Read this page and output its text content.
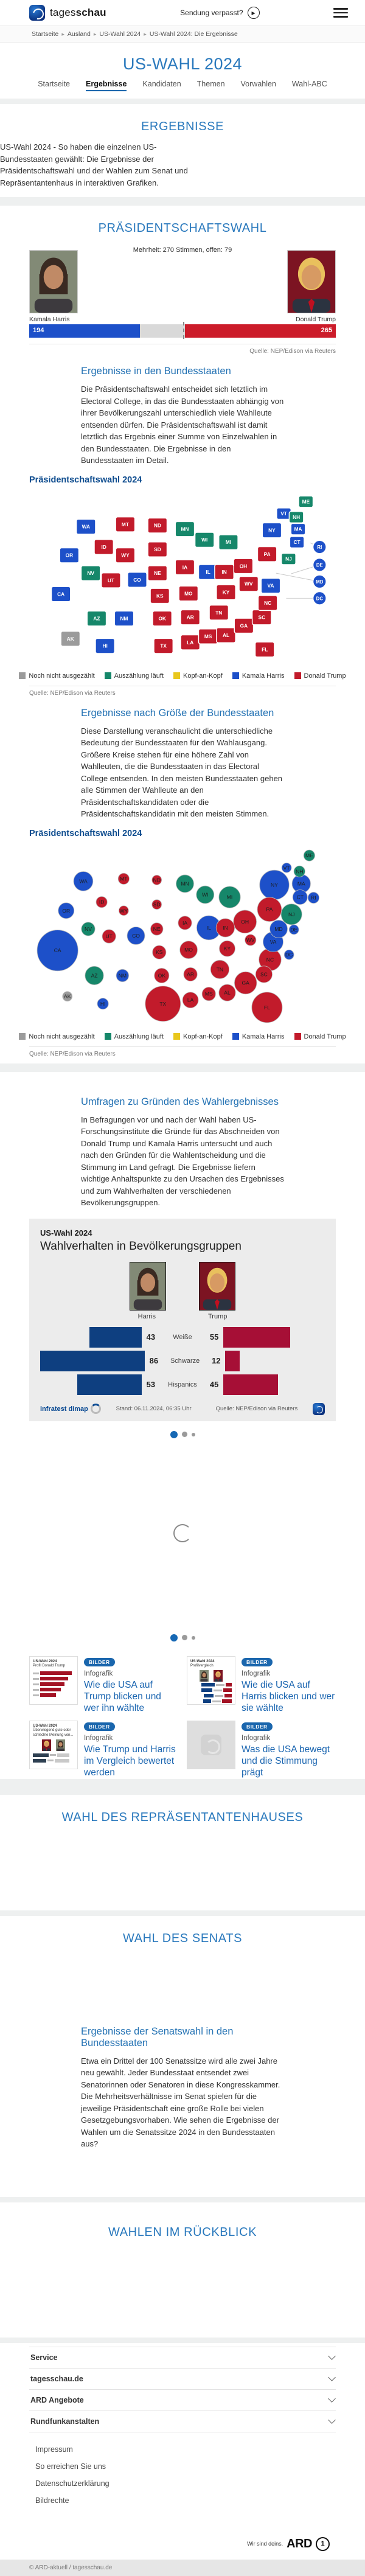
tagesschau	Sendung verpasst? ▶
Startseite ▸ Ausland ▸ US-Wahl 2024 ▸ US-Wahl 2024: Die Ergebnisse
US-WAHL 2024
Startseite Ergebnisse Kandidaten Themen Vorwahlen Wahl-ABC
ERGEBNISSE

US-Wahl 2024 - So haben die einzelnen US-Bundesstaaten gewählt: Die Ergebnisse der Präsidentschaftswahl und der Wahlen zum Senat und Repräsentantenhaus in interaktiven Grafiken.

PRÄSIDENTSCHAFTSWAHL
Mehrheit: 270 Stimmen, offen: 79
Kamala Harris	Donald Trump
194	265
Quelle: NEP/Edison via Reuters
Ergebnisse in den Bundesstaaten

Die Präsidentschaftswahl entscheidet sich letztlich im Electoral College, in das die Bundesstaaten abhängig von ihrer Bevölkerungszahl unterschiedlich viele Wahlleute entsenden dürfen. Die Präsidentschaftswahl ist damit letztlich das Ergebnis einer Summe von Einzelwahlen in den Bundesstaaten. Die Ergebnisse in den Bundesstaaten im Detail.

Präsidentschaftswahl 2024
WA
OR
CA
NV
ID
MT
WY
UT
AZ	NM
CO
ND
SD
NE
KS
OK
TX
MN
IA
MO
AR
LA
WI
IL
MS
MI
IN
KY
TN
AL
OH
GA
FL
WV
SC
NC
VA
PA
NY
NJ
MD
DE
CT
RI
MA
VT
NH
ME
AK
HI
DC
Noch nicht ausgezählt	Auszählung läuft	Kopf-an-Kopf	Kamala Harris	Donald Trump
Quelle: NEP/Edison via Reuters
Ergebnisse nach Größe der Bundesstaaten

Diese Darstellung veranschaulicht die unterschiedliche Bedeutung der Bundesstaaten für den Wahlausgang. Größere Kreise stehen für eine höhere Zahl von Wahlleuten, die die Bundesstaaten in das Electoral College entsenden. In den meisten Bundesstaaten gehen alle Stimmen der Wahlleute an den Präsidentschaftskandidaten oder die Präsidentschaftskandidatin mit den meisten Stimmen.

Präsidentschaftswahl 2024
CA
TX
FL
NY
IL
PA
OH
GA
NC
MI
NJ
VA
WA
AZ
IN
TN
MA
CO
MN
MO
WI
MD
AL
SC
OR
LA
KY
OK
CT
NV
UT
KS
IA
AR
MS
NM
NE
ID
MT
WV
RI
NH
ME
HI
WY
ND
SD
DE
VT
AK
DC
Noch nicht ausgezählt	Auszählung läuft	Kopf-an-Kopf	Kamala Harris	Donald Trump
Quelle: NEP/Edison via Reuters
Umfragen zu Gründen des Wahlergebnisses

In Befragungen vor und nach der Wahl haben US-Forschungsinstitute die Gründe für das Abschneiden von Donald Trump und Kamala Harris untersucht und auch nach den Gründen für die Wahlentscheidung und die Stimmung im Land gefragt. Die Ergebnisse liefern wichtige Anhaltspunkte zu den Ursachen des Ergebnisses und zum Wahlverhalten der verschiedenen Bevölkerungsgruppen.

US-Wahl 2024
Wahlverhalten in Bevölkerungsgruppen
Harris	Trump
43	Weiße	55
86	Schwarze	12
53	Hispanics	45
infratest dimap	Stand: 06.11.2024, 06:35 Uhr	Quelle: NEP/Edison via Reuters
US-Wahl 2024
Profil Donald Trump
BILDER
Infografik
Wie die USA auf Trump blicken und wer ihn wählte
US-Wahl 2024
Profilvergleich
BILDER
Infografik
Wie die USA auf Harris blicken und wer sie wählte
US-Wahl 2024
Überwiegend gute oder schlechte Meinung von...
BILDER
Infografik
Wie Trump und Harris im Vergleich bewertet werden
BILDER
Infografik
Was die USA bewegt und die Stimmung prägt
WAHL DES REPRÄSENTANTENHAUSES
WAHL DES SENATS
Ergebnisse der Senatswahl in den Bundesstaaten

Etwa ein Drittel der 100 Senatssitze wird alle zwei Jahre neu gewählt. Jeder Bundesstaat entsendet zwei Senatorinnen oder Senatoren in diese Kongresskammer. Die Mehrheitsverhältnisse im Senat spielen für die jeweilige Präsidentschaft eine große Rolle bei vielen Gesetzgebungsvorhaben. Wie sehen die Ergebnisse der Wahlen um die Senatssitze 2024 in den Bundesstaaten aus?

WAHLEN IM RÜCKBLICK
Service
tagesschau.de
ARD Angebote
Rundfunkanstalten
Impressum
So erreichen Sie uns
Datenschutzerklärung
Bildrechte
Wir sind deins. ARD 1
© ARD-aktuell / tagesschau.de
